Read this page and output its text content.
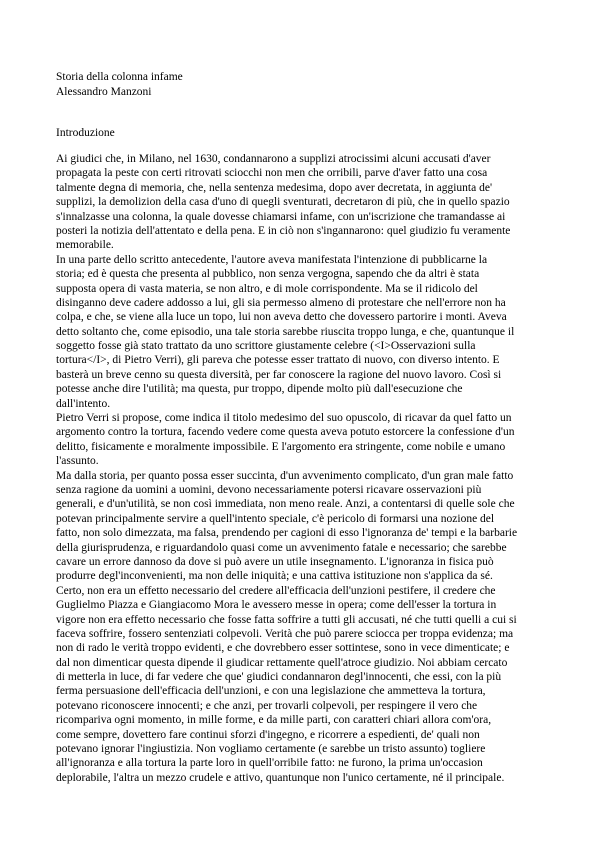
Storia della colonna infame
Alessandro Manzoni
Introduzione
Ai giudici che, in Milano, nel 1630, condannarono a supplizi atrocissimi alcuni accusati d'aver
propagata la peste con certi ritrovati sciocchi non men che orribili, parve d'aver fatto una cosa
talmente degna di memoria, che, nella sentenza medesima, dopo aver decretata, in aggiunta de'
supplizi, la demolizion della casa d'uno di quegli sventurati, decretaron di più, che in quello spazio
s'innalzasse una colonna, la quale dovesse chiamarsi infame, con un'iscrizione che tramandasse ai
posteri la notizia dell'attentato e della pena. E in ciò non s'ingannarono: quel giudizio fu veramente
memorabile.
In una parte dello scritto antecedente, l'autore aveva manifestata l'intenzione di pubblicarne la
storia; ed è questa che presenta al pubblico, non senza vergogna, sapendo che da altri è stata
supposta opera di vasta materia, se non altro, e di mole corrispondente. Ma se il ridicolo del
disinganno deve cadere addosso a lui, gli sia permesso almeno di protestare che nell'errore non ha
colpa, e che, se viene alla luce un topo, lui non aveva detto che dovessero partorire i monti. Aveva
detto soltanto che, come episodio, una tale storia sarebbe riuscita troppo lunga, e che, quantunque il
soggetto fosse già stato trattato da uno scrittore giustamente celebre (<I>Osservazioni sulla
tortura</I>, di Pietro Verri), gli pareva che potesse esser trattato di nuovo, con diverso intento. E
basterà un breve cenno su questa diversità, per far conoscere la ragione del nuovo lavoro. Così si
potesse anche dire l'utilità; ma questa, pur troppo, dipende molto più dall'esecuzione che
dall'intento.
Pietro Verri si propose, come indica il titolo medesimo del suo opuscolo, di ricavar da quel fatto un
argomento contro la tortura, facendo vedere come questa aveva potuto estorcere la confessione d'un
delitto, fisicamente e moralmente impossibile. E l'argomento era stringente, come nobile e umano
l'assunto.
Ma dalla storia, per quanto possa esser succinta, d'un avvenimento complicato, d'un gran male fatto
senza ragione da uomini a uomini, devono necessariamente potersi ricavare osservazioni più
generali, e d'un'utilità, se non così immediata, non meno reale. Anzi, a contentarsi di quelle sole che
potevan principalmente servire a quell'intento speciale, c'è pericolo di formarsi una nozione del
fatto, non solo dimezzata, ma falsa, prendendo per cagioni di esso l'ignoranza de' tempi e la barbarie
della giurisprudenza, e riguardandolo quasi come un avvenimento fatale e necessario; che sarebbe
cavare un errore dannoso da dove si può avere un utile insegnamento. L'ignoranza in fisica può
produrre degl'inconvenienti, ma non delle iniquità; e una cattiva istituzione non s'applica da sé.
Certo, non era un effetto necessario del credere all'efficacia dell'unzioni pestifere, il credere che
Guglielmo Piazza e Giangiacomo Mora le avessero messe in opera; come dell'esser la tortura in
vigore non era effetto necessario che fosse fatta soffrire a tutti gli accusati, né che tutti quelli a cui si
faceva soffrire, fossero sentenziati colpevoli. Verità che può parere sciocca per troppa evidenza; ma
non di rado le verità troppo evidenti, e che dovrebbero esser sottintese, sono in vece dimenticate; e
dal non dimenticar questa dipende il giudicar rettamente quell'atroce giudizio. Noi abbiam cercato
di metterla in luce, di far vedere che que' giudici condannaron degl'innocenti, che essi, con la più
ferma persuasione dell'efficacia dell'unzioni, e con una legislazione che ammetteva la tortura,
potevano riconoscere innocenti; e che anzi, per trovarli colpevoli, per respingere il vero che
ricompariva ogni momento, in mille forme, e da mille parti, con caratteri chiari allora com'ora,
come sempre, dovettero fare continui sforzi d'ingegno, e ricorrere a espedienti, de' quali non
potevano ignorar l'ingiustizia. Non vogliamo certamente (e sarebbe un tristo assunto) togliere
all'ignoranza e alla tortura la parte loro in quell'orribile fatto: ne furono, la prima un'occasion
deplorabile, l'altra un mezzo crudele e attivo, quantunque non l'unico certamente, né il principale.
